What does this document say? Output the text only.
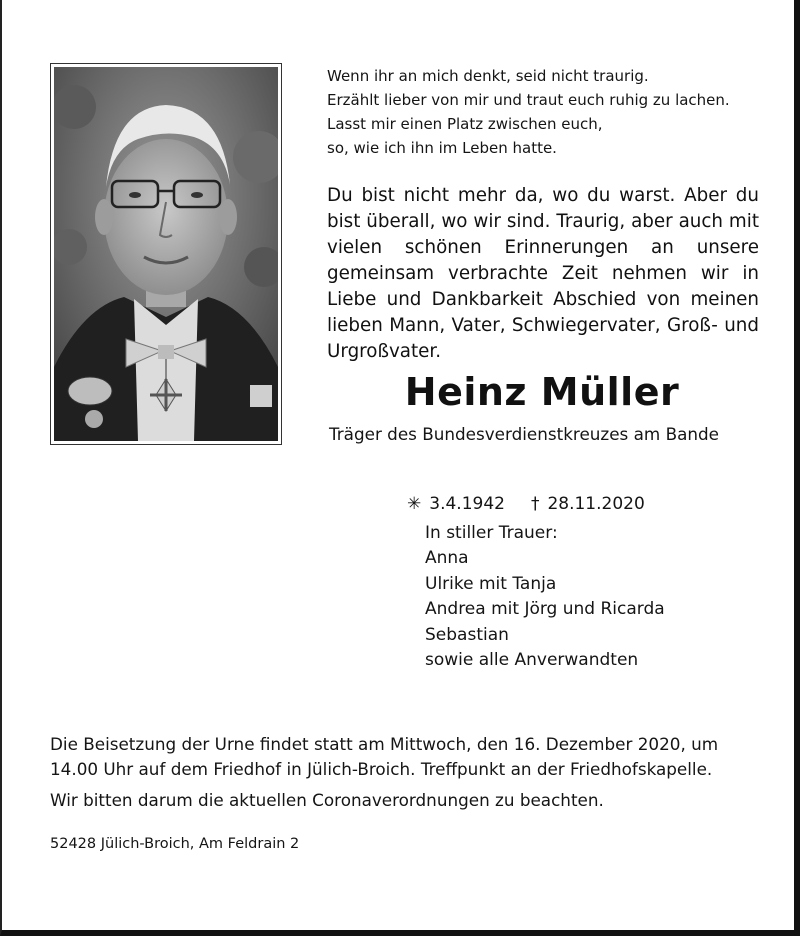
Wenn ihr an mich denkt, seid nicht traurig.
Erzählt lieber von mir und traut euch ruhig zu lachen.
Lasst mir einen Platz zwischen euch,
so, wie ich ihn im Leben hatte.
Du bist nicht mehr da, wo du warst. Aber du bist überall, wo wir sind. Traurig, aber auch mit vielen schönen Erinnerungen an unsere gemeinsam verbrachte Zeit nehmen wir in Liebe und Dankbarkeit Abschied von meinen lieben Mann, Vater, Schwiegervater, Groß- und Urgroßvater.
Heinz Müller
Träger des Bundesverdienstkreuzes am Bande
✳ 3.4.1942 † 28.11.2020
In stiller Trauer:
Anna
Ulrike mit Tanja
Andrea mit Jörg und Ricarda
Sebastian
sowie alle Anverwandten
Die Beisetzung der Urne findet statt am Mittwoch, den 16. Dezember 2020, um 14.00 Uhr auf dem Friedhof in Jülich-Broich. Treffpunkt an der Friedhofskapelle.
Wir bitten darum die aktuellen Coronaverordnungen zu beachten.
52428 Jülich-Broich, Am Feldrain 2
